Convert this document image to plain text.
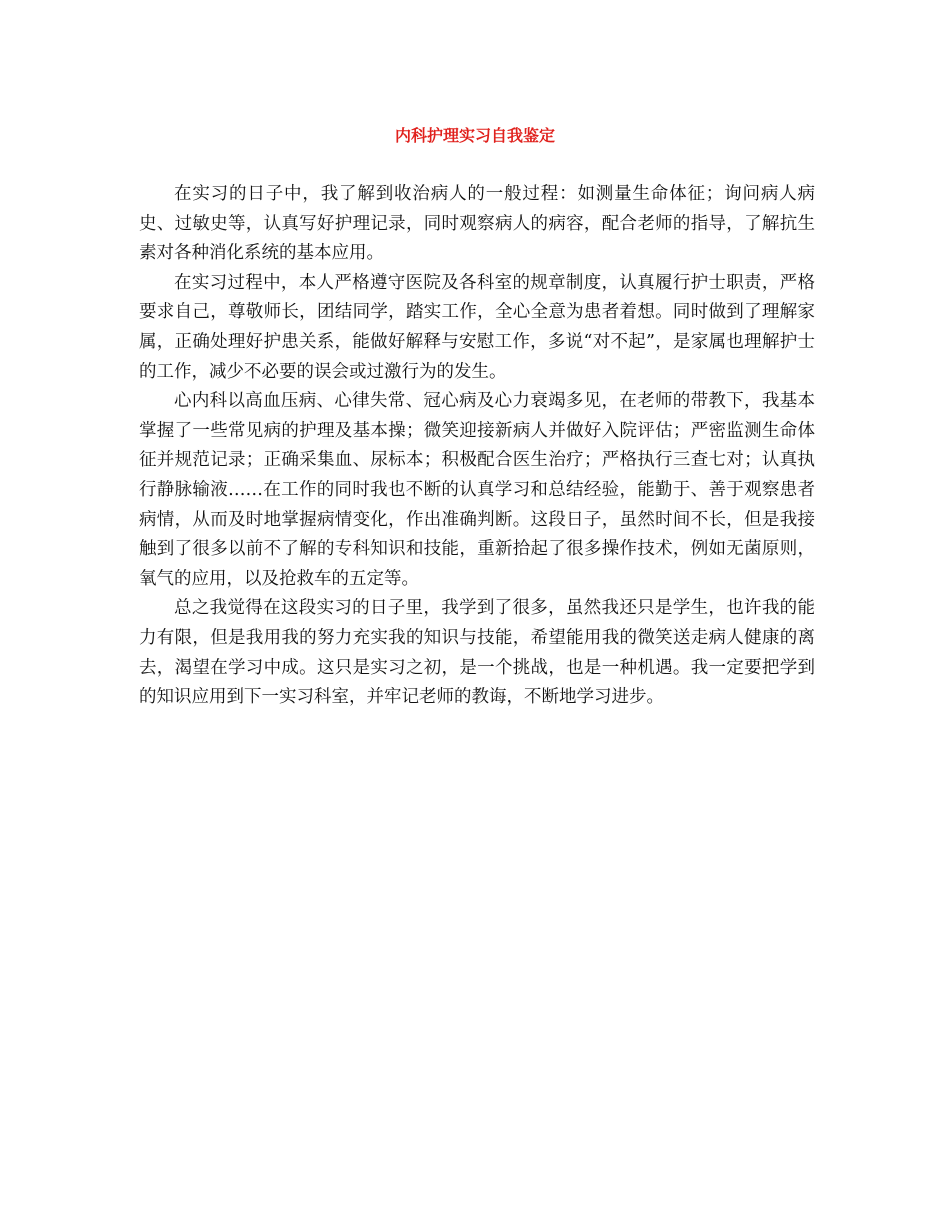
内科护理实习自我鉴定

在实习的日子中，我了解到收治病人的一般过程：如测量生命体征；询问病人病史、过敏史等，认真写好护理记录，同时观察病人的病容，配合老师的指导，了解抗生素对各种消化系统的基本应用。

在实习过程中，本人严格遵守医院及各科室的规章制度，认真履行护士职责，严格要求自己，尊敬师长，团结同学，踏实工作，全心全意为患者着想。同时做到了理解家属，正确处理好护患关系，能做好解释与安慰工作，多说“对不起”，是家属也理解护士的工作，减少不必要的误会或过激行为的发生。

心内科以高血压病、心律失常、冠心病及心力衰竭多见，在老师的带教下，我基本掌握了一些常见病的护理及基本操；微笑迎接新病人并做好入院评估；严密监测生命体征并规范记录；正确采集血、尿标本；积极配合医生治疗；严格执行三查七对；认真执行静脉输液……在工作的同时我也不断的认真学习和总结经验，能勤于、善于观察患者病情，从而及时地掌握病情变化，作出准确判断。这段日子，虽然时间不长，但是我接触到了很多以前不了解的专科知识和技能，重新拾起了很多操作技术，例如无菌原则，氧气的应用，以及抢救车的五定等。

总之我觉得在这段实习的日子里，我学到了很多，虽然我还只是学生，也许我的能力有限，但是我用我的努力充实我的知识与技能，希望能用我的微笑送走病人健康的离去，渴望在学习中成。这只是实习之初，是一个挑战，也是一种机遇。我一定要把学到的知识应用到下一实习科室，并牢记老师的教诲，不断地学习进步。
